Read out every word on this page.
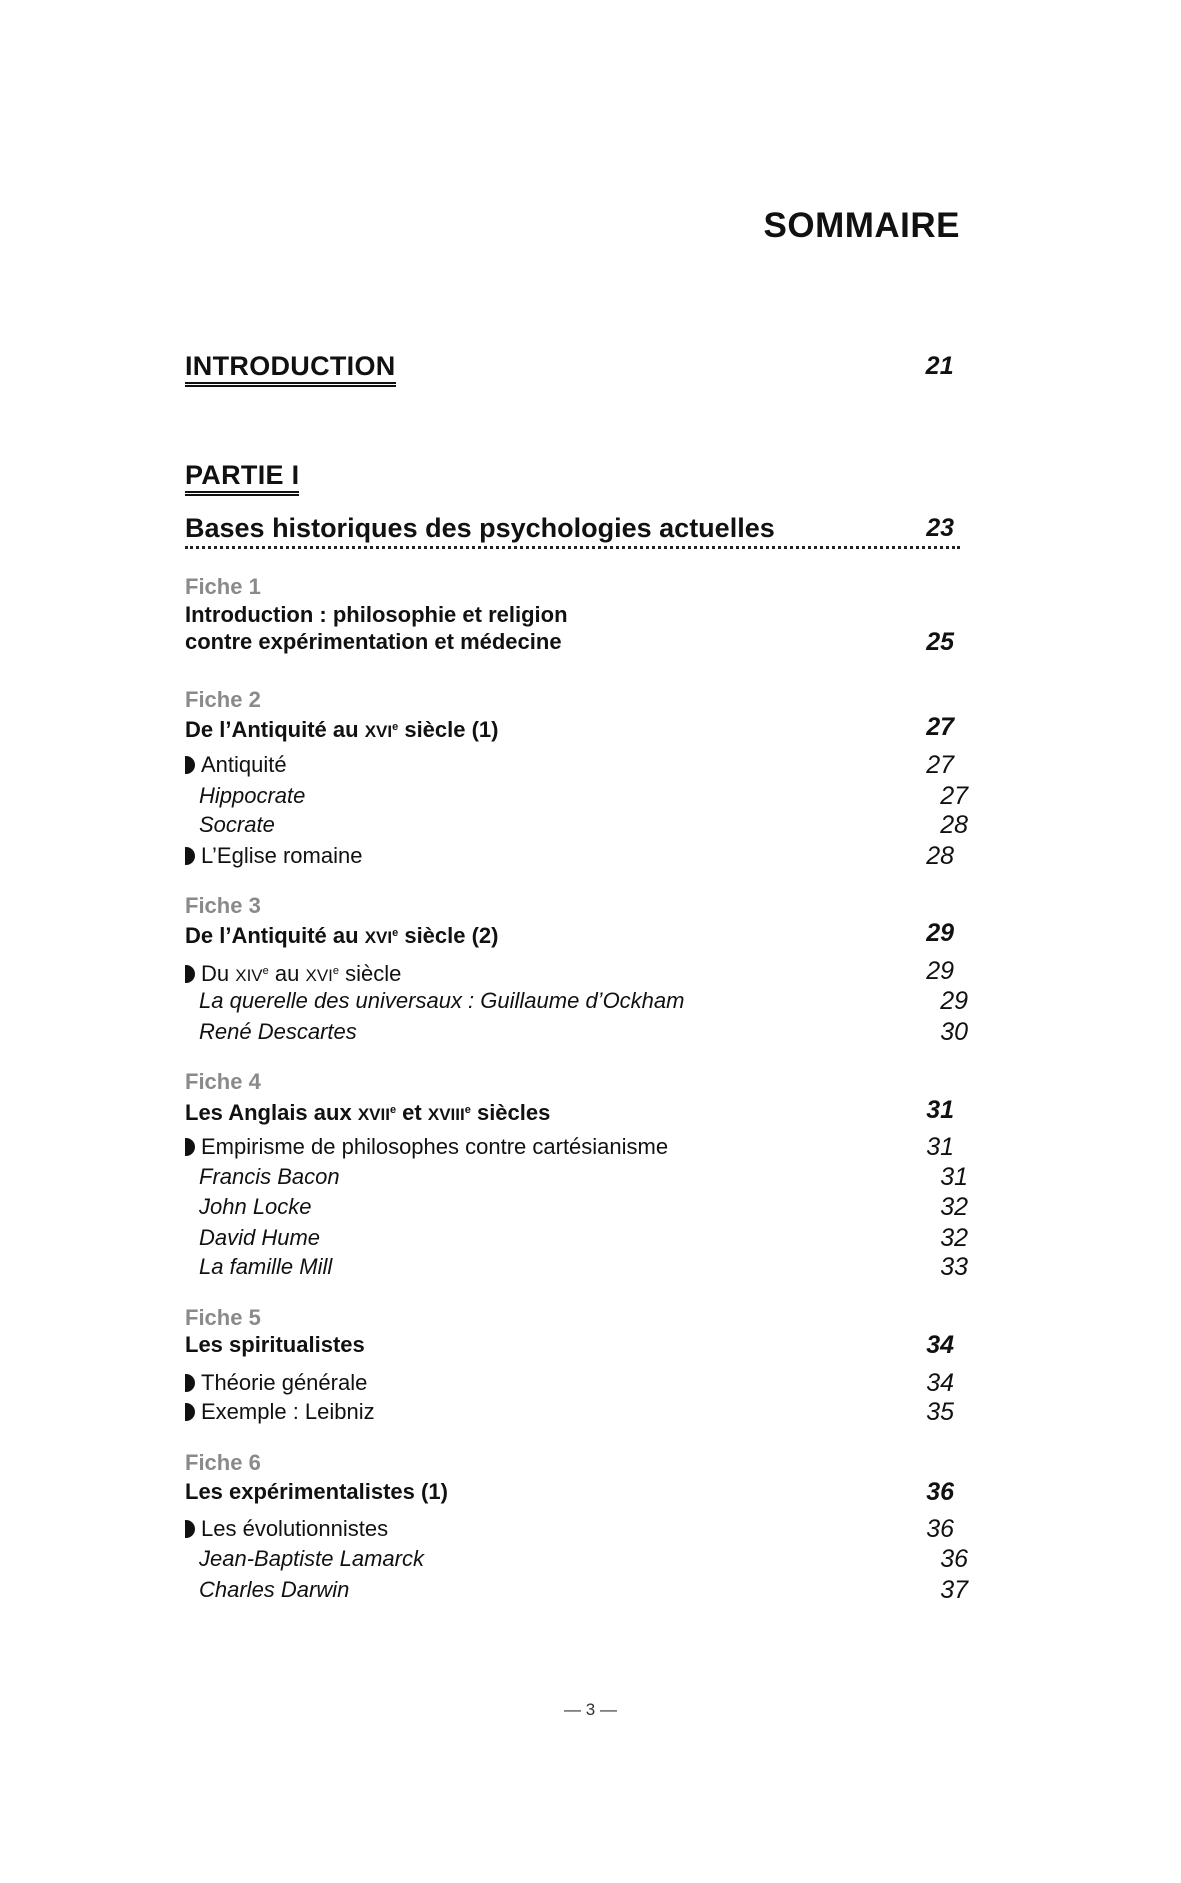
SOMMAIRE
INTRODUCTION	21
PARTIE I
Bases historiques des psychologies actuelles	23
Fiche 1
Introduction : philosophie et religion
contre expérimentation et médecine	25
Fiche 2
De l’Antiquité au XVIe siècle (1)	27
Antiquité	27
Hippocrate	27
Socrate	28
L’Eglise romaine	28
Fiche 3
De l’Antiquité au XVIe siècle (2)	29
Du XIVe au XVIe siècle	29
La querelle des universaux : Guillaume d’Ockham	29
René Descartes	30
Fiche 4
Les Anglais aux XVIIe et XVIIIe siècles	31
Empirisme de philosophes contre cartésianisme	31
Francis Bacon	31
John Locke	32
David Hume	32
La famille Mill	33
Fiche 5
Les spiritualistes	34
Théorie générale	34
Exemple : Leibniz	35
Fiche 6
Les expérimentalistes (1)	36
Les évolutionnistes	36
Jean-Baptiste Lamarck	36
Charles Darwin	37
— 3 —
